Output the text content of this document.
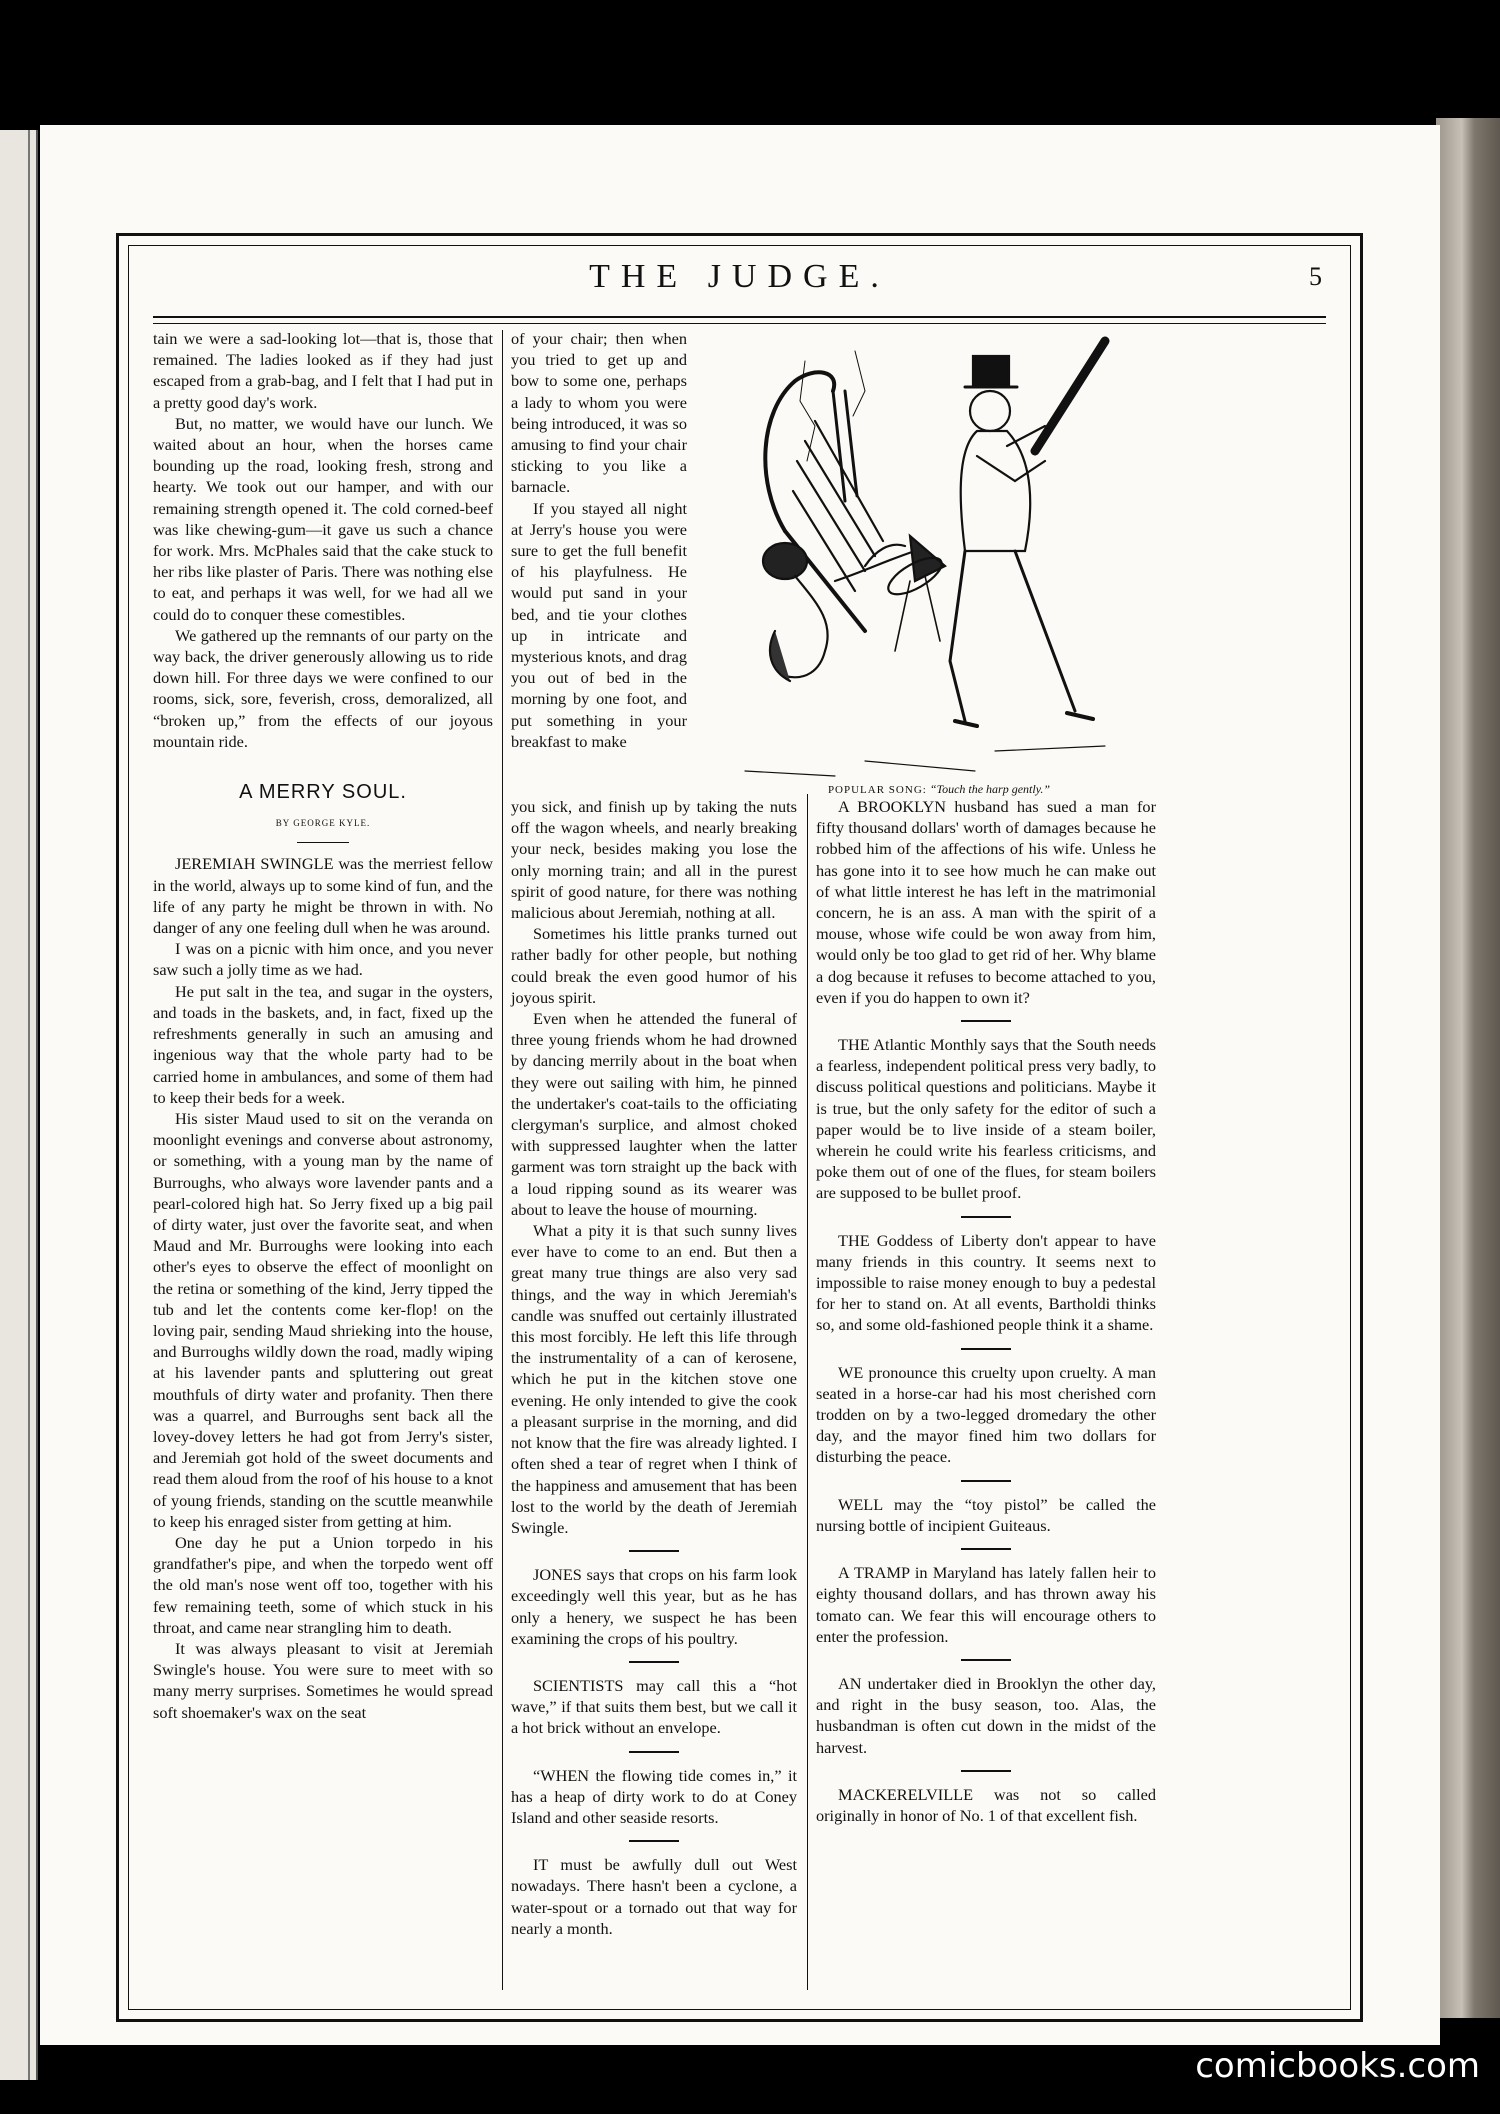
THE JUDGE.	5

tain we were a sad-looking lot—that is, those that remained. The ladies looked as if they had just escaped from a grab-bag, and I felt that I had put in a pretty good day's work.

But, no matter, we would have our lunch. We waited about an hour, when the horses came bounding up the road, looking fresh, strong and hearty. We took out our hamper, and with our remaining strength opened it. The cold corned-beef was like chewing-gum—it gave us such a chance for work. Mrs. McPhales said that the cake stuck to her ribs like plaster of Paris. There was nothing else to eat, and perhaps it was well, for we had all we could do to conquer these comestibles.

We gathered up the remnants of our party on the way back, the driver generously allowing us to ride down hill. For three days we were confined to our rooms, sick, sore, feverish, cross, demoralized, all “broken up,” from the effects of our joyous mountain ride.

A MERRY SOUL.
BY GEORGE KYLE.

JEREMIAH SWINGLE was the merriest fellow in the world, always up to some kind of fun, and the life of any party he might be thrown in with. No danger of any one feeling dull when he was around.

I was on a picnic with him once, and you never saw such a jolly time as we had.

He put salt in the tea, and sugar in the oysters, and toads in the baskets, and, in fact, fixed up the refreshments generally in such an amusing and ingenious way that the whole party had to be carried home in ambulances, and some of them had to keep their beds for a week.

His sister Maud used to sit on the veranda on moonlight evenings and converse about astronomy, or something, with a young man by the name of Burroughs, who always wore lavender pants and a pearl-colored high hat. So Jerry fixed up a big pail of dirty water, just over the favorite seat, and when Maud and Mr. Burroughs were looking into each other's eyes to observe the effect of moonlight on the retina or something of the kind, Jerry tipped the tub and let the contents come ker-flop! on the loving pair, sending Maud shrieking into the house, and Burroughs wildly down the road, madly wiping at his lavender pants and spluttering out great mouthfuls of dirty water and profanity. Then there was a quarrel, and Burroughs sent back all the lovey-dovey letters he had got from Jerry's sister, and Jeremiah got hold of the sweet documents and read them aloud from the roof of his house to a knot of young friends, standing on the scuttle meanwhile to keep his enraged sister from getting at him.

One day he put a Union torpedo in his grandfather's pipe, and when the torpedo went off the old man's nose went off too, together with his few remaining teeth, some of which stuck in his throat, and came near strangling him to death.

It was always pleasant to visit at Jeremiah Swingle's house. You were sure to meet with so many merry surprises. Sometimes he would spread soft shoemaker's wax on the seat

of your chair; then when you tried to get up and bow to some one, perhaps a lady to whom you were being introduced, it was so amusing to find your chair sticking to you like a barnacle.

If you stayed all night at Jerry's house you were sure to get the full benefit of his playfulness. He would put sand in your bed, and tie your clothes up in intricate and mysterious knots, and drag you out of bed in the morning by one foot, and put something in your breakfast to make

POPULAR SONG: “Touch the harp gently.”

you sick, and finish up by taking the nuts off the wagon wheels, and nearly breaking your neck, besides making you lose the only morning train; and all in the purest spirit of good nature, for there was nothing malicious about Jeremiah, nothing at all.

Sometimes his little pranks turned out rather badly for other people, but nothing could break the even good humor of his joyous spirit.

Even when he attended the funeral of three young friends whom he had drowned by dancing merrily about in the boat when they were out sailing with him, he pinned the undertaker's coat-tails to the officiating clergyman's surplice, and almost choked with suppressed laughter when the latter garment was torn straight up the back with a loud ripping sound as its wearer was about to leave the house of mourning.

What a pity it is that such sunny lives ever have to come to an end. But then a great many true things are also very sad things, and the way in which Jeremiah's candle was snuffed out certainly illustrated this most forcibly. He left this life through the instrumentality of a can of kerosene, which he put in the kitchen stove one evening. He only intended to give the cook a pleasant surprise in the morning, and did not know that the fire was already lighted. I often shed a tear of regret when I think of the happiness and amusement that has been lost to the world by the death of Jeremiah Swingle.

JONES says that crops on his farm look exceedingly well this year, but as he has only a henery, we suspect he has been examining the crops of his poultry.

SCIENTISTS may call this a “hot wave,” if that suits them best, but we call it a hot brick without an envelope.

“WHEN the flowing tide comes in,” it has a heap of dirty work to do at Coney Island and other seaside resorts.

IT must be awfully dull out West nowadays. There hasn't been a cyclone, a water-spout or a tornado out that way for nearly a month.

A BROOKLYN husband has sued a man for fifty thousand dollars' worth of damages because he robbed him of the affections of his wife. Unless he has gone into it to see how much he can make out of what little interest he has left in the matrimonial concern, he is an ass. A man with the spirit of a mouse, whose wife could be won away from him, would only be too glad to get rid of her. Why blame a dog because it refuses to become attached to you, even if you do happen to own it?

THE Atlantic Monthly says that the South needs a fearless, independent political press very badly, to discuss political questions and politicians. Maybe it is true, but the only safety for the editor of such a paper would be to live inside of a steam boiler, wherein he could write his fearless criticisms, and poke them out of one of the flues, for steam boilers are supposed to be bullet proof.

THE Goddess of Liberty don't appear to have many friends in this country. It seems next to impossible to raise money enough to buy a pedestal for her to stand on. At all events, Bartholdi thinks so, and some old-fashioned people think it a shame.

WE pronounce this cruelty upon cruelty. A man seated in a horse-car had his most cherished corn trodden on by a two-legged dromedary the other day, and the mayor fined him two dollars for disturbing the peace.

WELL may the “toy pistol” be called the nursing bottle of incipient Guiteaus.

A TRAMP in Maryland has lately fallen heir to eighty thousand dollars, and has thrown away his tomato can. We fear this will encourage others to enter the profession.

AN undertaker died in Brooklyn the other day, and right in the busy season, too. Alas, the husbandman is often cut down in the midst of the harvest.

MACKERELVILLE was not so called originally in honor of No. 1 of that excellent fish.

comicbooks.com
